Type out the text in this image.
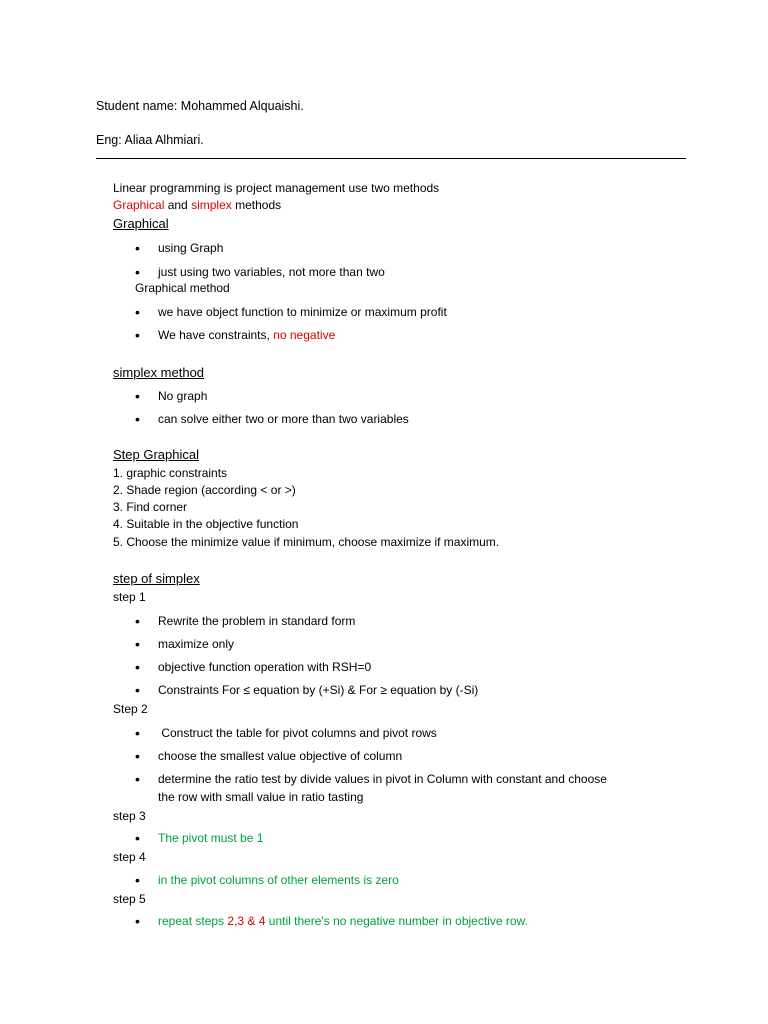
Student name: Mohammed Alquaishi.
Eng: Aliaa Alhmiari.
Linear programming is project management use two methods
Graphical and simplex methods
Graphical
• using Graph
• just using two variables, not more than two
Graphical method
• we have object function to minimize or maximum profit
• We have constraints, no negative
simplex method
• No graph
• can solve either two or more than two variables
Step Graphical
1. graphic constraints
2. Shade region (according < or >)
3. Find corner
4. Suitable in the objective function
5. Choose the minimize value if minimum, choose maximize if maximum.
step of simplex
step 1
• Rewrite the problem in standard form
• maximize only
• objective function operation with RSH=0
• Constraints For ≤ equation by (+Si) & For ≥ equation by (-Si)
Step 2
• Construct the table for pivot columns and pivot rows
• choose the smallest value objective of column
• determine the ratio test by divide values in pivot in Column with constant and choose
the row with small value in ratio tasting
step 3
• The pivot must be 1
step 4
• in the pivot columns of other elements is zero
step 5
• repeat steps 2,3 & 4 until there's no negative number in objective row.
